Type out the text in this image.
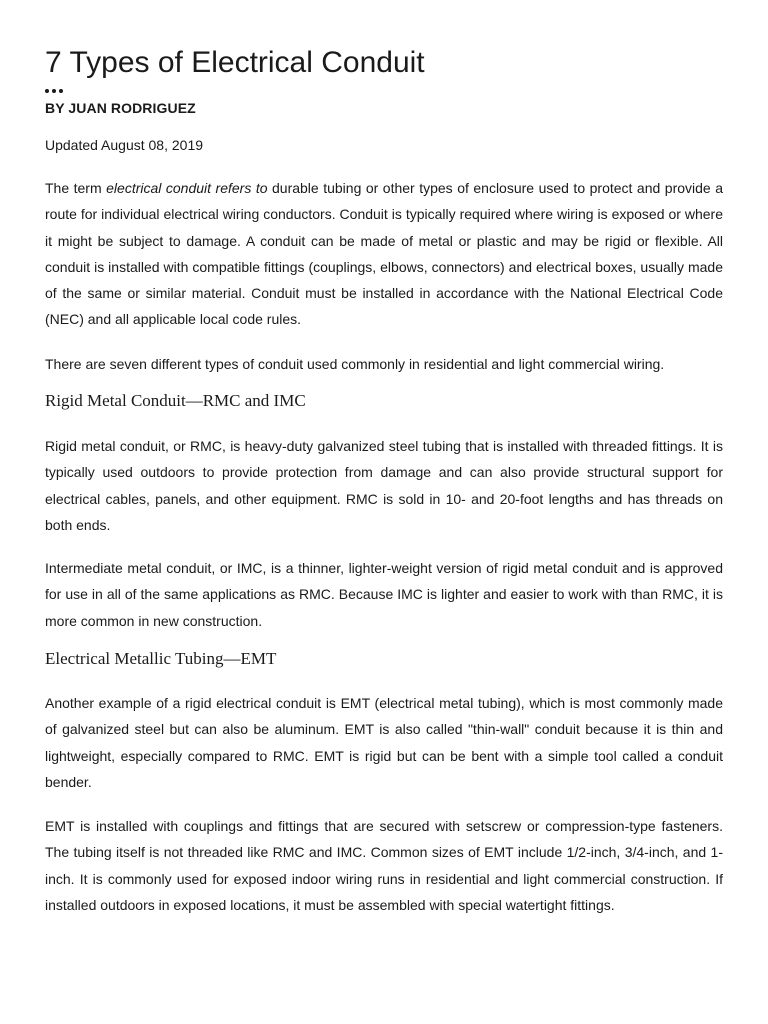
7 Types of Electrical Conduit
BY JUAN RODRIGUEZ
Updated August 08, 2019

The term electrical conduit refers to durable tubing or other types of enclosure used to protect and provide a route for individual electrical wiring conductors. Conduit is typically required where wiring is exposed or where it might be subject to damage. A conduit can be made of metal or plastic and may be rigid or flexible. All conduit is installed with compatible fittings (couplings, elbows, connectors) and electrical boxes, usually made of the same or similar material. Conduit must be installed in accordance with the National Electrical Code (NEC) and all applicable local code rules.

There are seven different types of conduit used commonly in residential and light commercial wiring.

Rigid Metal Conduit—RMC and IMC

Rigid metal conduit, or RMC, is heavy-duty galvanized steel tubing that is installed with threaded fittings. It is typically used outdoors to provide protection from damage and can also provide structural support for electrical cables, panels, and other equipment. RMC is sold in 10- and 20-foot lengths and has threads on both ends.

Intermediate metal conduit, or IMC, is a thinner, lighter-weight version of rigid metal conduit and is approved for use in all of the same applications as RMC. Because IMC is lighter and easier to work with than RMC, it is more common in new construction.

Electrical Metallic Tubing—EMT

Another example of a rigid electrical conduit is EMT (electrical metal tubing), which is most commonly made of galvanized steel but can also be aluminum. EMT is also called "thin-wall" conduit because it is thin and lightweight, especially compared to RMC. EMT is rigid but can be bent with a simple tool called a conduit bender.

EMT is installed with couplings and fittings that are secured with setscrew or compression-type fasteners. The tubing itself is not threaded like RMC and IMC. Common sizes of EMT include 1/2-inch, 3/4-inch, and 1-inch. It is commonly used for exposed indoor wiring runs in residential and light commercial construction. If installed outdoors in exposed locations, it must be assembled with special watertight fittings.
